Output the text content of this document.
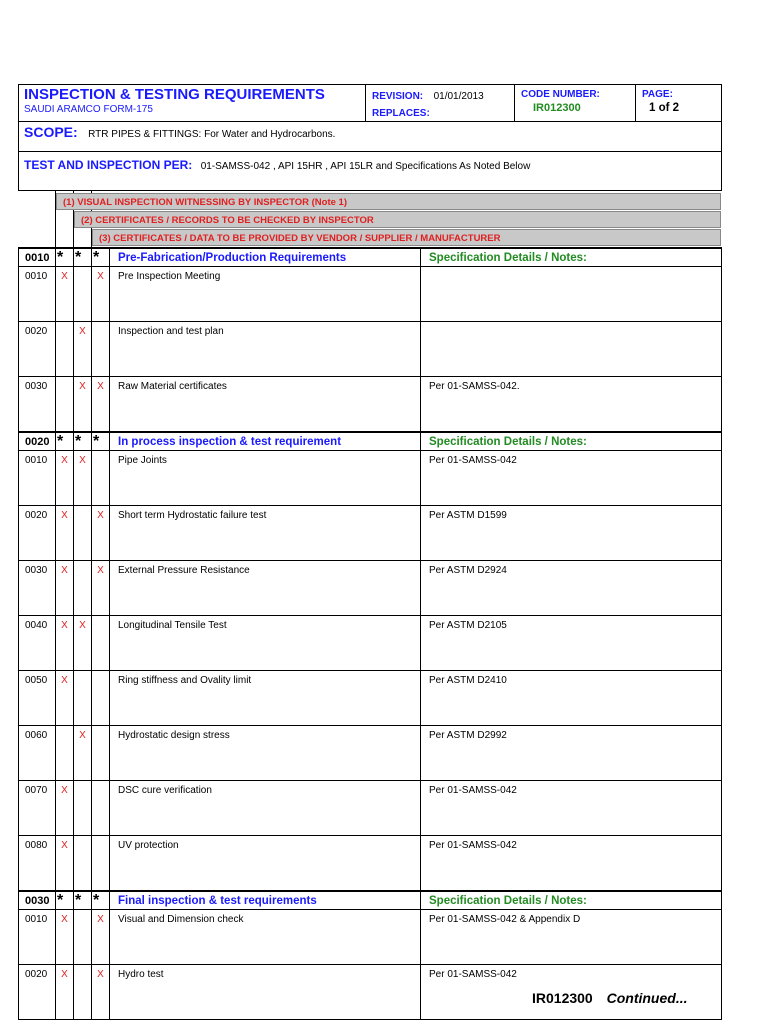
INSPECTION & TESTING REQUIREMENTS
SAUDI ARAMCO FORM-175

REVISION: 01/01/2013
REPLACES:

CODE NUMBER:
IR012300

PAGE:
1 of 2

SCOPE: RTR PIPES & FITTINGS: For Water and Hydrocarbons.
TEST AND INSPECTION PER: 01-SAMSS-042 , API 15HR , API 15LR and Specifications As Noted Below
(1) VISUAL INSPECTION WITNESSING BY INSPECTOR (Note 1)
(2) CERTIFICATES / RECORDS TO BE CHECKED BY INSPECTOR
(3) CERTIFICATES / DATA TO BE PROVIDED BY VENDOR / SUPPLIER / MANUFACTURER
0010	*	*	*	Pre-Fabrication/Production Requirements	Specification Details / Notes:
0010	X		X	Pre Inspection Meeting	
0020		X		Inspection and test plan	
0030		X	X	Raw Material certificates	Per 01-SAMSS-042.
0020	*	*	*	In process inspection & test requirement	Specification Details / Notes:
0010	X	X		Pipe Joints	Per 01-SAMSS-042
0020	X		X	Short term Hydrostatic failure test	Per ASTM D1599
0030	X		X	External Pressure Resistance	Per ASTM D2924
0040	X	X		Longitudinal Tensile Test	Per ASTM D2105
0050	X			Ring stiffness and Ovality limit	Per ASTM D2410
0060		X		Hydrostatic design stress	Per ASTM D2992
0070	X			DSC cure verification	Per 01-SAMSS-042
0080	X			UV protection	Per 01-SAMSS-042
0030	*	*	*	Final inspection & test requirements	Specification Details / Notes:
0010	X		X	Visual and Dimension check	Per 01-SAMSS-042 & Appendix D
0020	X		X	Hydro test	Per 01-SAMSS-042
IR012300 Continued...
